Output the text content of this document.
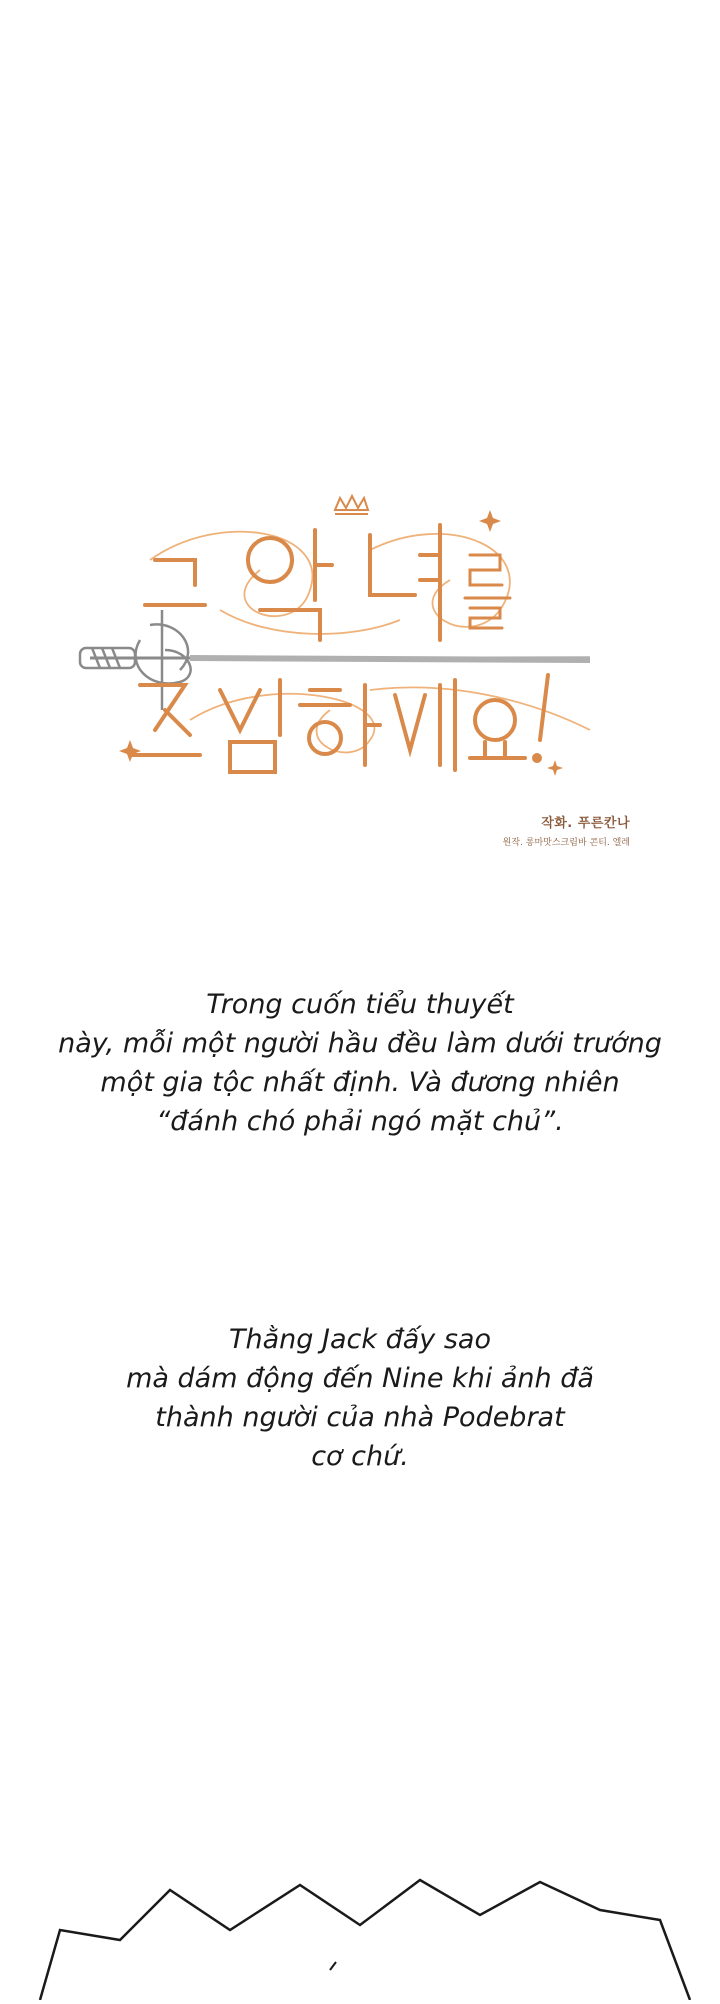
작화. 푸른칸나
원작. 롱마맛스크림바 콘티. 엘레
Trong cuốn tiểu thuyết
này, mỗi một người hầu đều làm dưới trướng
một gia tộc nhất định. Và đương nhiên
“đánh chó phải ngó mặt chủ”.
Thằng Jack đấy sao
mà dám động đến Nine khi ảnh đã
thành người của nhà Podebrat
cơ chứ.
